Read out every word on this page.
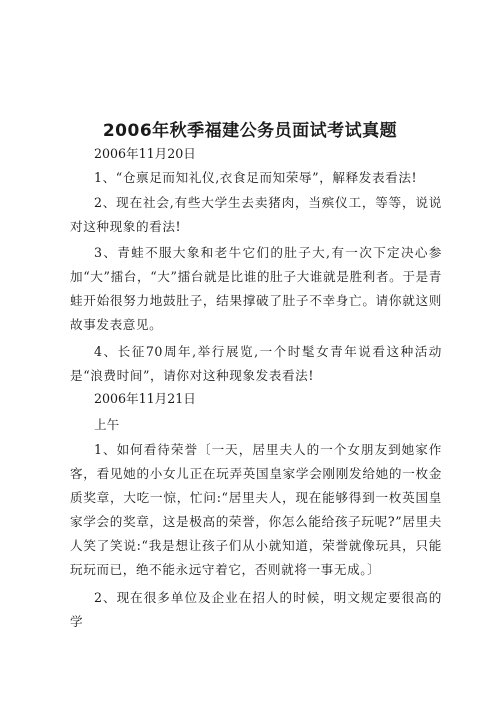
2006年秋季福建公务员面试考试真题
2006年11月20日
1、“仓禀足而知礼仪,衣食足而知荣辱”，解释发表看法!
2、现在社会,有些大学生去卖猪肉，当殡仪工，等等，说说对这种现象的看法!
3、青蛙不服大象和老牛它们的肚子大,有一次下定决心参加“大”擂台，“大”擂台就是比谁的肚子大谁就是胜利者。于是青蛙开始很努力地鼓肚子，结果撑破了肚子不幸身亡。请你就这则故事发表意见。
4、长征70周年,举行展览,一个时髦女青年说看这种活动是“浪费时间”，请你对这种现象发表看法!
2006年11月21日
上午
1、如何看待荣誉〔一天，居里夫人的一个女朋友到她家作客，看见她的小女儿正在玩弄英国皇家学会刚刚发给她的一枚金质奖章，大吃一惊，忙问:“居里夫人，现在能够得到一枚英国皇家学会的奖章，这是极高的荣誉，你怎么能给孩子玩呢?”居里夫人笑了笑说:“我是想让孩子们从小就知道，荣誉就像玩具，只能玩玩而已，绝不能永远守着它，否则就将一事无成。〕
2、现在很多单位及企业在招人的时候，明文规定要很高的学
